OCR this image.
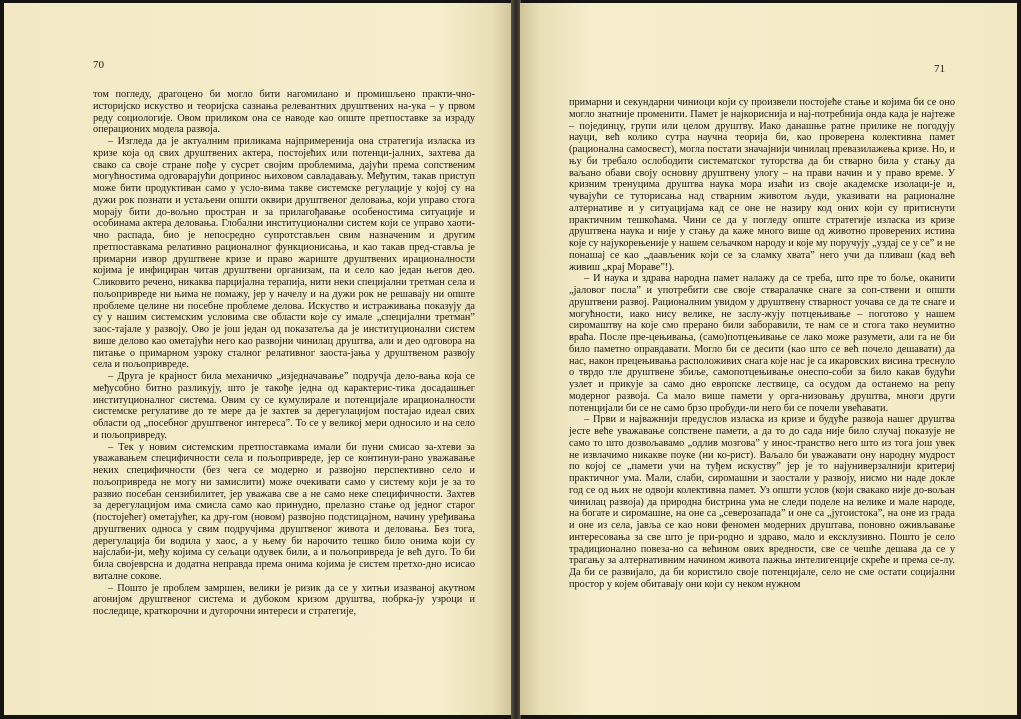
70

том погледу, драгоцено би могло бити нагомилано и промишљено практи-чно-историјско искуство и теоријска сазнања релевантних друштвених на-ука – у првом реду социологије. Овом приликом она се наводе као опште претпоставке за израду операционих модела развоја.

– Изгледа да је актуалним приликама најпримеренија она стратегија изласка из кризе која од свих друштвених актера, постојећих или потенци-јалних, захтева да свако са своје стране пође у сусрет своjим проблемима, дајући према сопственим могућностима одговарајући допринос њиховом савладавању. Међутим, такав приступ може бити продуктиван само у усло-вима такве системске регулације у којој су на дужи рок познати и устаљени општи оквири друштвеног деловања, који управо стога морају бити до-вољно простран и за прилагођавање особеностима ситуације и особинама актера деловања. Глобални институционални систем који се управо хаоти-чно распада, био је непосредно супротстављен свим назначеним и другим претпоставкама релативно рационалног функционисања, и као такав пред-ставља је примарни извор друштвене кризе и право жариште друштвених ирационалности којима је инфициран читав друштвени организам, па и село као један његов део. Сликовито речено, никаква парцијална терапија, нити неки специјални третман села и пољопривреде ни њима не помажу, јер у начелу и на дужи рок не решавају ни опште проблеме целине ни посебне проблеме делова. Искуство и истраживања показују да су у нашим системским условима све области које су имале „специјални третман” заос-тајале у развоју. Ово је још један од показатеља да је институционални систем више делово као ометајући него као развојни чинилац друштва, али и део одговора на питање о примарном узроку сталног релативног заоста-јања у друштвеном развоју села и пољопривреде.

– Друга је крајност била механичко „изједначавање” подручја дело-вања која се међусобно битно разликују, што је такође једна од карактерис-тика досадашњег институционалног система. Овим су се кумулирале и потенцијале ирационалности системске регулативе до те мере да је захтев за дерегулацијом постајао идеал свих области од „посебног друштвеног интереса”. То се у великој мери односило и на село и пољопривреду.

– Тек у новим системским претпоставкама имали би пуни смисао за-хтеви за уважавањем специфичности села и пољопривреде, јер се континуи-рано уважавање неких специфичности (без чега се модерно и развојно перспективно село и пољопривреда не могу ни замислити) може очекивати само у систему који је за то развио посебан сензибилитет, јер уважава све а не само неке специфичности. Захтев за дерегулацијом има смисла само као принудно, прелазно стање од једног старог (постојећег) ометајућег, ка дру-гом (новом) развојно подстицајном, начину уређивања друштвених односа у свим подручјима друштвеног живота и деловања. Без тога, дерегулација би водила у хаос, а у њему би нарочито тешко било онима који су најслаби-ји, међу којима су сељаци одувек били, а и пољопривреда је већ дуго. То би била својеврсна и додатна неправда према онима којима је систем претхо-дно исисао виталне сокове.

– Пошто је проблем замршен, велики је ризик да се у хитњи изазваној акутном агонијом друштвеног система и дубоком кризом друштва, побрка-ју узроци и последице, краткорочни и дугорочни интереси и стратегије,

71

примарни и секундарни чиниоци који су произвели постојеће стање и којима би се оно могло знатније променити. Памет је најкориснија и нај-потребнија онда када је најтеже – појединцу, групи или целом друштву. Иако данашње ратне прилике не погодују науци, већ колико сутра научна теорија би, као проверена колективна памет (рационална самосвест), могла постати значајнији чинилац превазилажења кризе. Но, и њу би требало ослободити систематског туторства да би стварно била у стању да ваљано обави своју основну друштвену улогу – на прави начин и у право време. У кризним тренуцима друштва наука мора изаћи из своје академске изолаци-је и, чувајући се туторисања над стварним животом људи, указивати на рационалне алтернативе и у ситуацијама кад се оне не назиру код оних који су притиснути практичним тешкоћама. Чини се да у погледу опште стратегије изласка из кризе друштвена наука и није у стању да каже много више од животно проверених истина које су најукорењеније у нашем сељачком народу и које му поручују „уздај се у се” и не понашај се као „даављеник који се за сламку хвата” него учи да пливаш (кад већ живиш „крај Мораве”!).

– И наука и здрава народна памет налажу да се треба, што пре то боље, оканити „јаловог посла” и употребити све своје стваралачке снаге за соп-ствени и општи друштвени развој. Рационалним увидом у друштвену стварност уочава се да те снаге и могућности, иако нису велике, не заслу-жују потцењивање – поготово у нашем сиромаштву на које смо прерано били заборавили, те нам се и стога тако неумитно враћа. После пре-цењивања, (само)потцењивање се лако може разумети, али га не би било паметно оправдавати. Могло би се десити (као што се већ почело дешавати) да нас, након прецењивања расположивих снага које нас је са икаровских висина тресну́ло о тврдо тле друштвене збиље, самопотцењивање онеспо-соби за било какав будући узлет и прикује за само дно европске лествице, са осудом да останемо на репу модерног развоја. Са мало више памети у орга-низовању друштва, многи други потенцијали би се не само брзо пробуди-ли него би се почели увећавати.

– Први и најважнији предуслов изласка из кризе и будуће развоја нашег друштва јесте веће уважавање сопствене памети, а да то до сада није било случај показује не само то што дозвољавамо „одлив мозгова” у инос-транство него што из тога још увек не извлачимо никакве поуке (ни ко-рист). Ваљало би уважавати ону народну мудрост по којој се „памети учи на туђем искуству” јер је то најуниверзалнији критериј практичног ума. Мали, слаби, сиромашни и заостали у развоју, нисмо ни наде докле год се од њих не одвоји колективна памет. Уз општи услов (који свакако није до-вољан чинилац развоја) да природна бистрина ума не следи поделе на велике и мале народе, на богате и сиромашне, на оне са „северозапада” и оне са „југоистока”, на оне из града и оне из села, јавља се као нови феномен модерних друштава, поновно оживљавање интересовања за све што је при-родно и здраво, мало и ексклузивно. Пошто је село традиционално повеза-но са већином ових вредности, све се чешће дешава да се у трагању за алтернативним начином живота пажња интелигенције скреће и према се-лу. Да би се развијало, да би користило своје потенцијале, село не сме остати социјални простор у којем обитавају они који су неком нужном
